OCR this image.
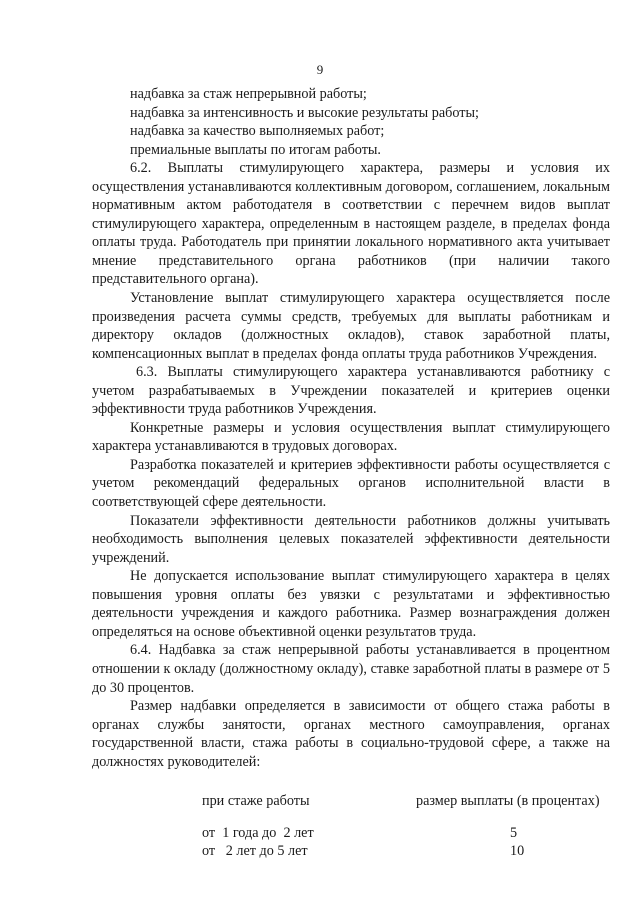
9

надбавка за стаж непрерывной работы;

надбавка за интенсивность и высокие результаты работы;

надбавка за качество выполняемых работ;

премиальные выплаты по итогам работы.

6.2. Выплаты стимулирующего характера, размеры и условия их осуществления устанавливаются коллективным договором, соглашением, локальным нормативным актом работодателя в соответствии с перечнем видов выплат стимулирующего характера, определенным в настоящем разделе, в пределах фонда оплаты труда. Работодатель при принятии локального нормативного акта учитывает мнение представительного органа работников (при наличии такого представительного органа).

Установление выплат стимулирующего характера осуществляется после произведения расчета суммы средств, требуемых для выплаты работникам и директору окладов (должностных окладов), ставок заработной платы, компенсационных выплат в пределах фонда оплаты труда работников Учреждения.

6.3. Выплаты стимулирующего характера устанавливаются работнику с учетом разрабатываемых в Учреждении показателей и критериев оценки эффективности труда работников Учреждения.

Конкретные размеры и условия осуществления выплат стимулирующего характера устанавливаются в трудовых договорах.

Разработка показателей и критериев эффективности работы осуществляется с учетом рекомендаций федеральных органов исполнительной власти в соответствующей сфере деятельности.

Показатели эффективности деятельности работников должны учитывать необходимость выполнения целевых показателей эффективности деятельности учреждений.

Не допускается использование выплат стимулирующего характера в целях повышения уровня оплаты без увязки с результатами и эффективностью деятельности учреждения и каждого работника. Размер вознаграждения должен определяться на основе объективной оценки результатов труда.

6.4. Надбавка за стаж непрерывной работы устанавливается в процентном отношении к окладу (должностному окладу), ставке заработной платы в размере от 5 до 30 процентов.

Размер надбавки определяется в зависимости от общего стажа работы в органах службы занятости, органах местного самоуправления, органах государственной власти, стажа работы в социально-трудовой сфере, а также на должностях руководителей:

при стаже работы	размер выплаты (в процентах)
от  1 года до  2 лет	5
от   2 лет до 5 лет	10
